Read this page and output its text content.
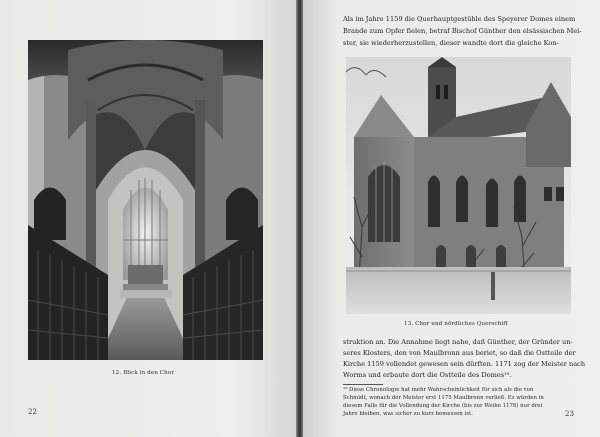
12. Blick in den Chor
22
Als im Jahre 1159 die Querhauptgestühle des Speyerer Domes einem
Brande zum Opfer fielen, betraf Bischof Günther den elsässischen Mei-
ster, sie wiederherzustellen, dieser wandte dort die gleiche Kon-
13. Chor und nördliches Querschiff
struktion an. Die Annahme liegt nahe, daß Günther, der Gründer un-
seres Klosters, den von Maulbronn aus beriet, so daß die Ostteile der
Kirche 1159 vollendet gewesen sein dürften. 1171 zog der Meister nach
Worms und erbaute dort die Ostteile des Domes¹⁹.
¹⁹ Diese Chronologie hat mehr Wahrscheinlichkeit für sich als die von
Schmidt, wonach der Meister erst 1175 Maulbronn verließ. Es würden in
diesem Falle für die Vollendung der Kirche (bis zur Weihe 1178) nur drei
Jahre bleiben, was sicher zu kurz bemessen ist.	23
